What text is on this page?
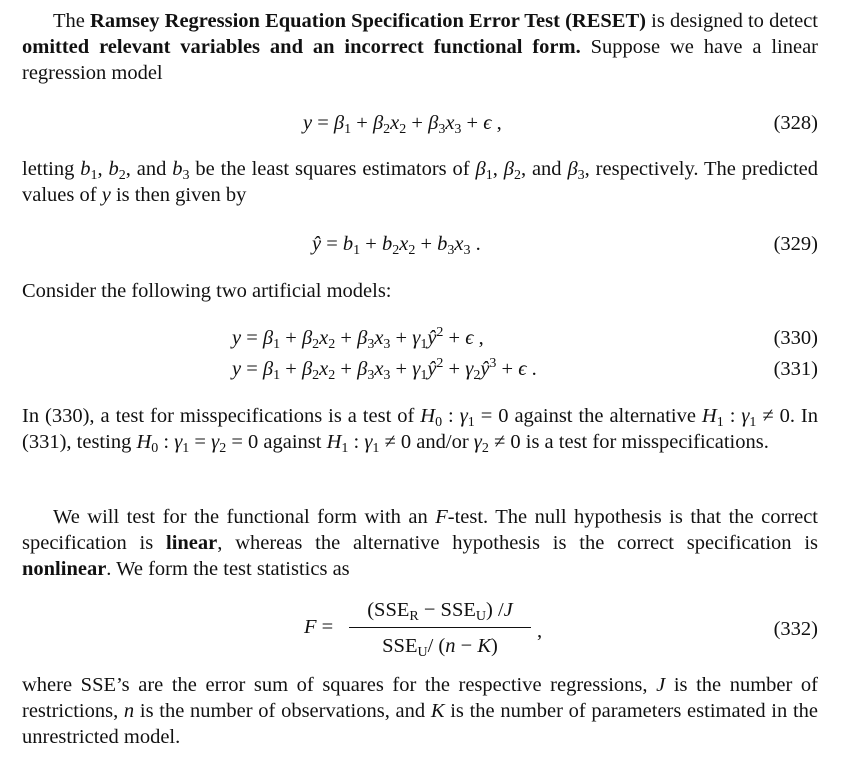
The Ramsey Regression Equation Specification Error Test (RESET) is designed to detect omitted relevant variables and an incorrect functional form. Suppose we have a linear regression model
$y = \beta_1 + \beta_2x_2 + \beta_3x_3 + \epsilon$ ,	(328)
letting $b_1$, $b_2$, and $b_3$ be the least squares estimators of $\beta_1$, $\beta_2$, and $\beta_3$, respectively. The predicted values of y is then given by
ŷ = $b_1 + b_2x_2 + b_3x_3$ .	(329)
Consider the following two artificial models:
$y = \beta_1 + \beta_2x_2 + \beta_3x_3$ + $\gamma_1ŷ^2 + \epsilon$ ,	(330)
$y = \beta_1 + \beta_2x_2 + \beta_3x_3$ + $\gamma_1ŷ^2$ + $\gamma_2ŷ^3 + \epsilon$ .	(331)
In (330), a test for misspecifications is a test of $H_0$ : $\gamma_1 = 0$ against the alternative $H_1$ : $\gamma_1 \ne 0$. In (331), testing $H_0$ : $\gamma_1 = \gamma_2 = 0$ against $H_1$ : $\gamma_1 \ne 0$ and/or $\gamma_2 \ne 0$ is a test for misspecifications.
We will test for the functional form with an F-test. The null hypothesis is that the correct specification is linear, whereas the alternative hypothesis is the correct specification is nonlinear. We form the test statistics as
F =
$(SSE_R - SSE_U)$ /J
$SSE_U/$ (n − K)
,	(332)
where SSE’s are the error sum of squares for the respective regressions, J is the number of restrictions, n is the number of observations, and K is the number of parameters estimated in the unrestricted model.
